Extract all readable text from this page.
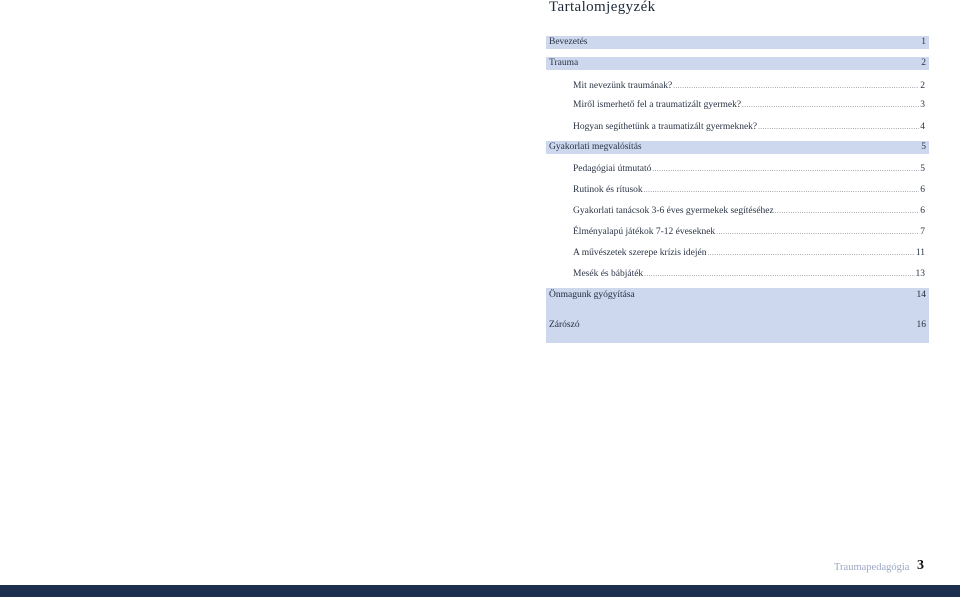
Tartalomjegyzék
Bevezetés	1
Trauma	2
Mit nevezünk traumának? .....	2
Miről ismerhető fel a traumatizált gyermek? .....	3
Hogyan segíthetünk a traumatizált gyermeknek? .....	4
Gyakorlati megvalósítás	5
Pedagógiai útmutató .....	5
Rutinok és rítusok .....	6
Gyakorlati tanácsok 3-6 éves gyermekek segítéséhez .....	6
Élményalapú játékok 7-12 éveseknek .....	7
A művészetek szerepe krízis idején .....	11
Mesék és bábjáték .....	13
Önmagunk gyógyítása	14
Zárószó	16
Traumapedagógia 3
